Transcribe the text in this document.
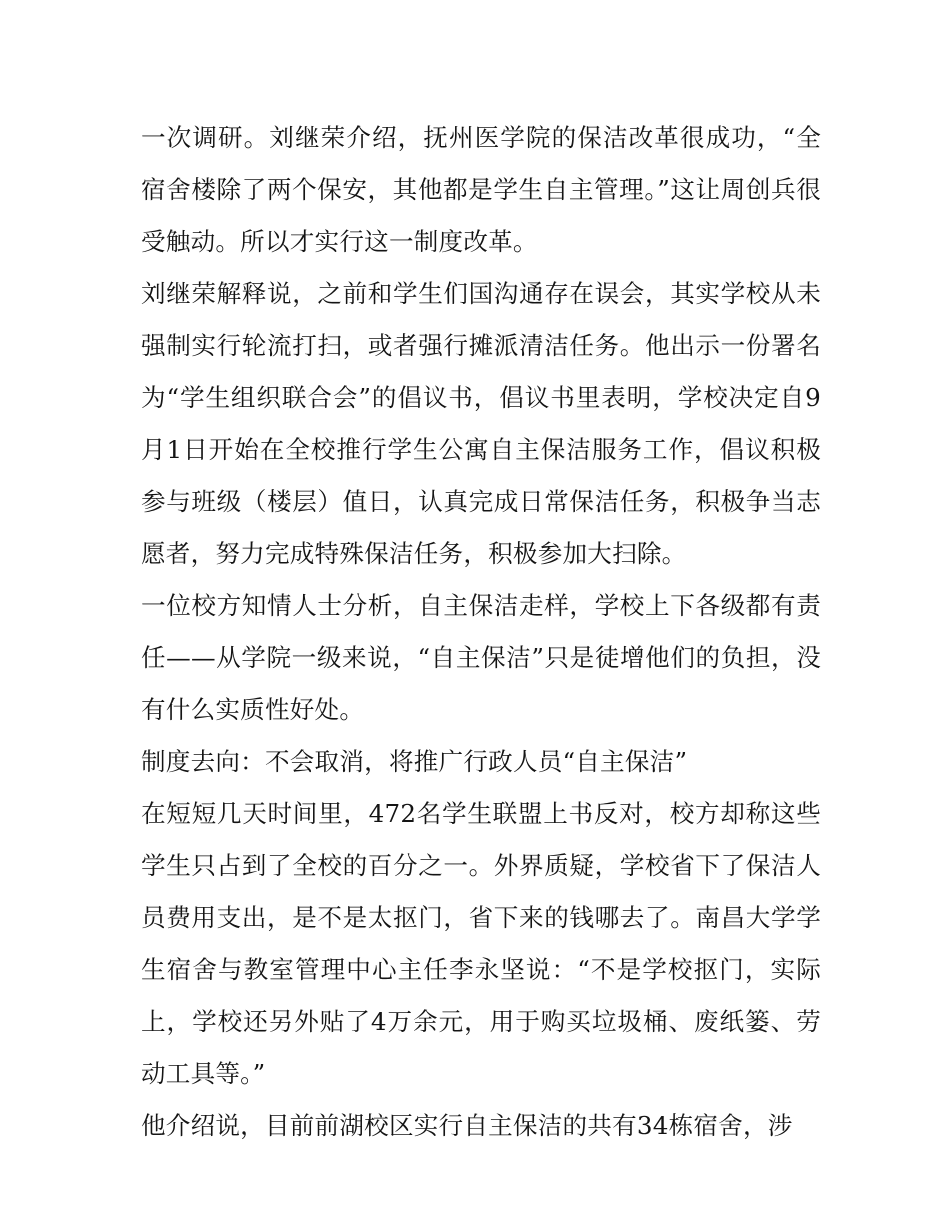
一次调研。刘继荣介绍，抚州医学院的保洁改革很成功，“全宿舍楼除了两个保安，其他都是学生自主管理。”这让周创兵很受触动。所以才实行这一制度改革。

刘继荣解释说，之前和学生们国沟通存在误会，其实学校从未强制实行轮流打扫，或者强行摊派清洁任务。他出示一份署名为“学生组织联合会”的倡议书，倡议书里表明，学校决定自9月1日开始在全校推行学生公寓自主保洁服务工作，倡议积极参与班级（楼层）值日，认真完成日常保洁任务，积极争当志愿者，努力完成特殊保洁任务，积极参加大扫除。

一位校方知情人士分析，自主保洁走样，学校上下各级都有责任——从学院一级来说，“自主保洁”只是徒增他们的负担，没有什么实质性好处。

制度去向：不会取消，将推广行政人员“自主保洁”

在短短几天时间里，472名学生联盟上书反对，校方却称这些学生只占到了全校的百分之一。外界质疑，学校省下了保洁人员费用支出，是不是太抠门，省下来的钱哪去了。南昌大学学生宿舍与教室管理中心主任李永坚说：“不是学校抠门，实际上，学校还另外贴了4万余元，用于购买垃圾桶、废纸篓、劳动工具等。”

他介绍说，目前前湖校区实行自主保洁的共有34栋宿舍，涉
